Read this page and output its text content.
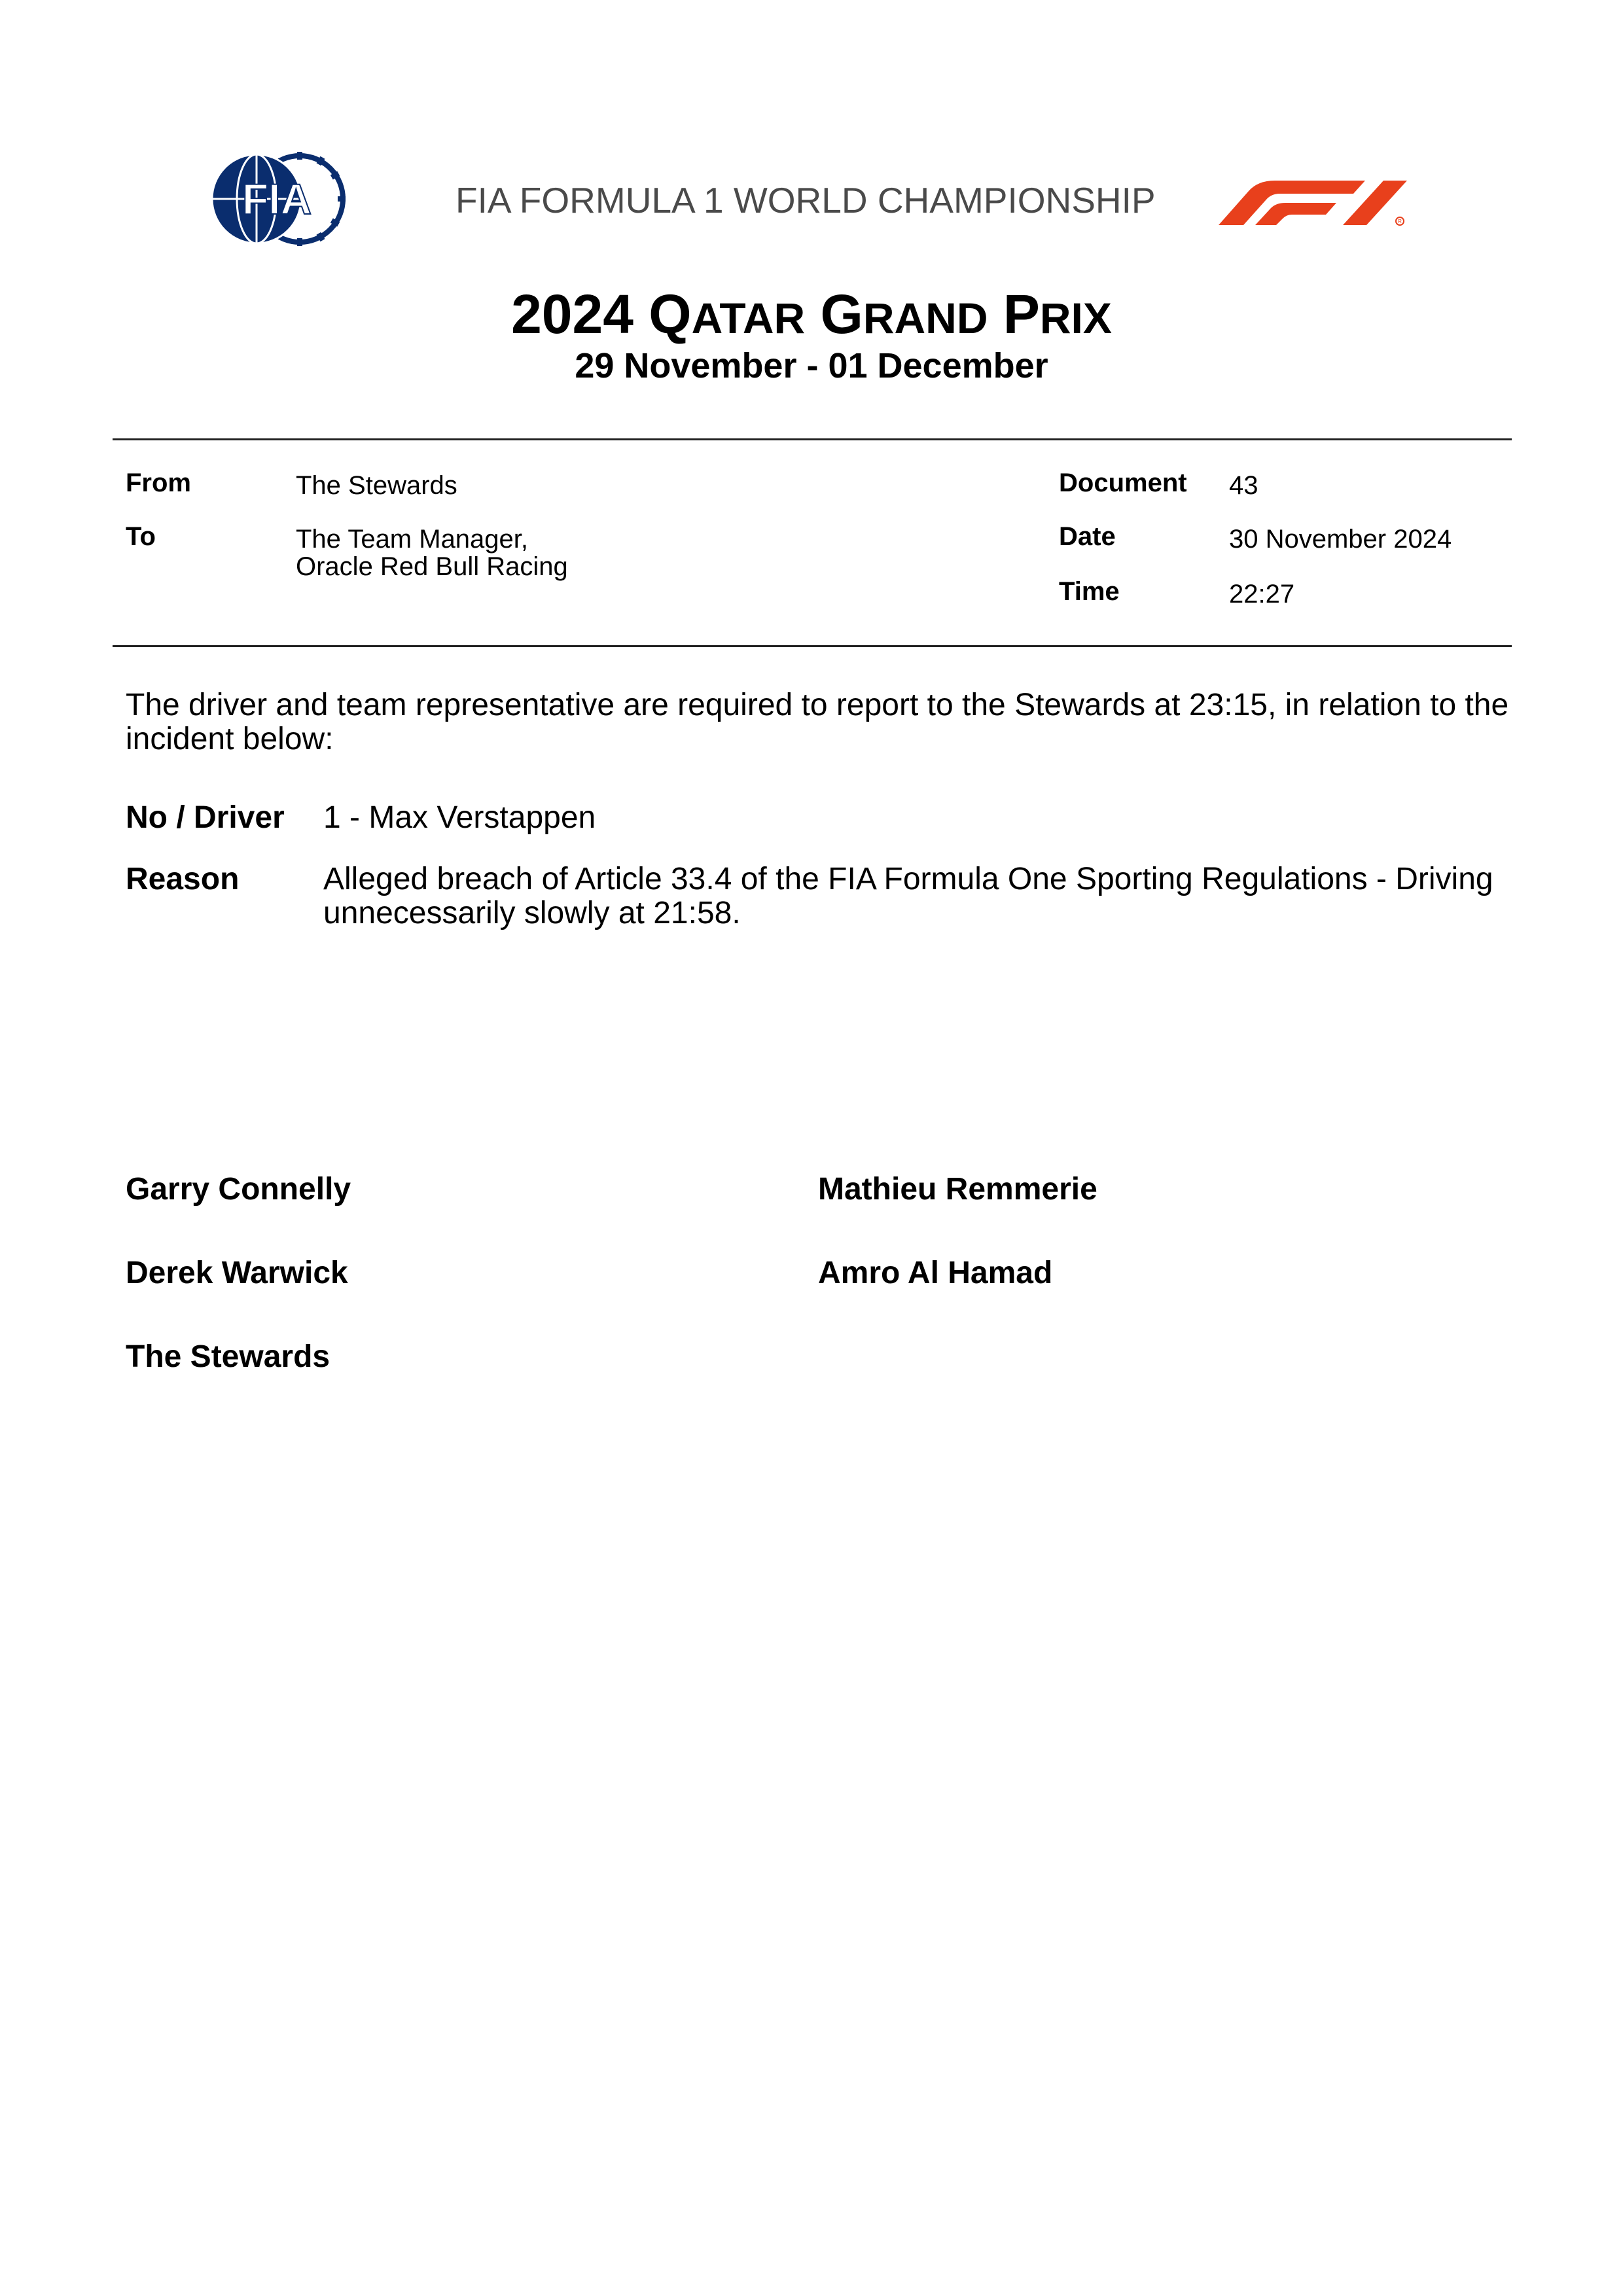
FIA	FIA FORMULA 1 WORLD CHAMPIONSHIP
R
2024 QATAR GRAND PRIX
29 November - 01 December
From	The Stewards
To	The Team Manager,
Oracle Red Bull Racing
Document 43
Date	30 November 2024
Time	22:27
The driver and team representative are required to report to the Stewards at 23:15, in relation to the incident below:
No / Driver 1 - Max Verstappen
Reason	Alleged breach of Article 33.4 of the FIA Formula One Sporting Regulations - Driving unnecessarily slowly at 21:58.
Garry Connelly	Mathieu Remmerie
Derek Warwick	Amro Al Hamad
The Stewards
